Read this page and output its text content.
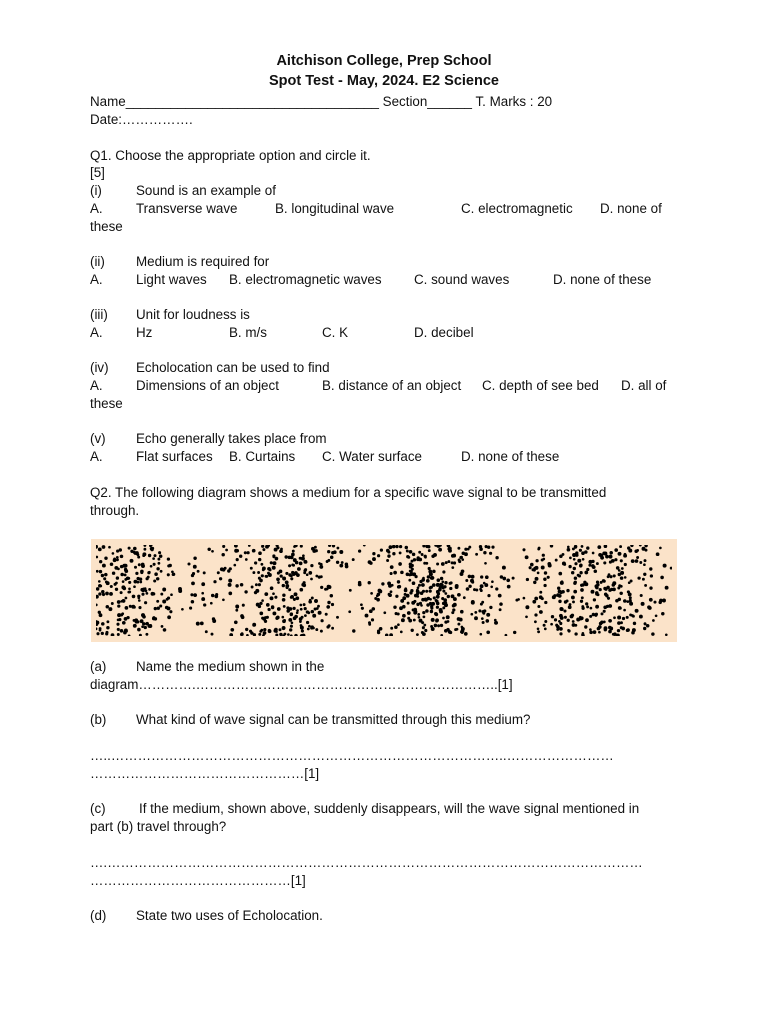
Aitchison College, Prep School
Spot Test - May, 2024. E2 Science
Name__________________________________ Section______ T. Marks : 20
Date:…………….
Q1. Choose the appropriate option and circle it.
[5]
(i)	Sound is an example of
A. Transverse wave	B. longitudinal wave	C. electromagnetic D. none of
these
(ii) Medium is required for
A. Light waves B. electromagnetic waves C. sound waves	D. none of these
(iii) Unit for loudness is
A. Hz	B. m/s	C. K	D. decibel
(iv) Echolocation can be used to find
A. Dimensions of an object	B. distance of an object C. depth of see bed D. all of
these
(v) Echo generally takes place from
A. Flat surfaces B. Curtains C. Water surface	D. none of these
Q2. The following diagram shows a medium for a specific wave signal to be transmitted
through.
(a) Name the medium shown in the
diagram………….…………………………………………………………..[1]
(b) What kind of wave signal can be transmitted through this medium?
…..……………………………………………………………………………..……………………
…………………………………………[1]
(c) If the medium, shown above, suddenly disappears, will the wave signal mentioned in
part (b) travel through?
….…………………………………………………………………………………………………………
………………………………………[1]
(d) State two uses of Echolocation.
